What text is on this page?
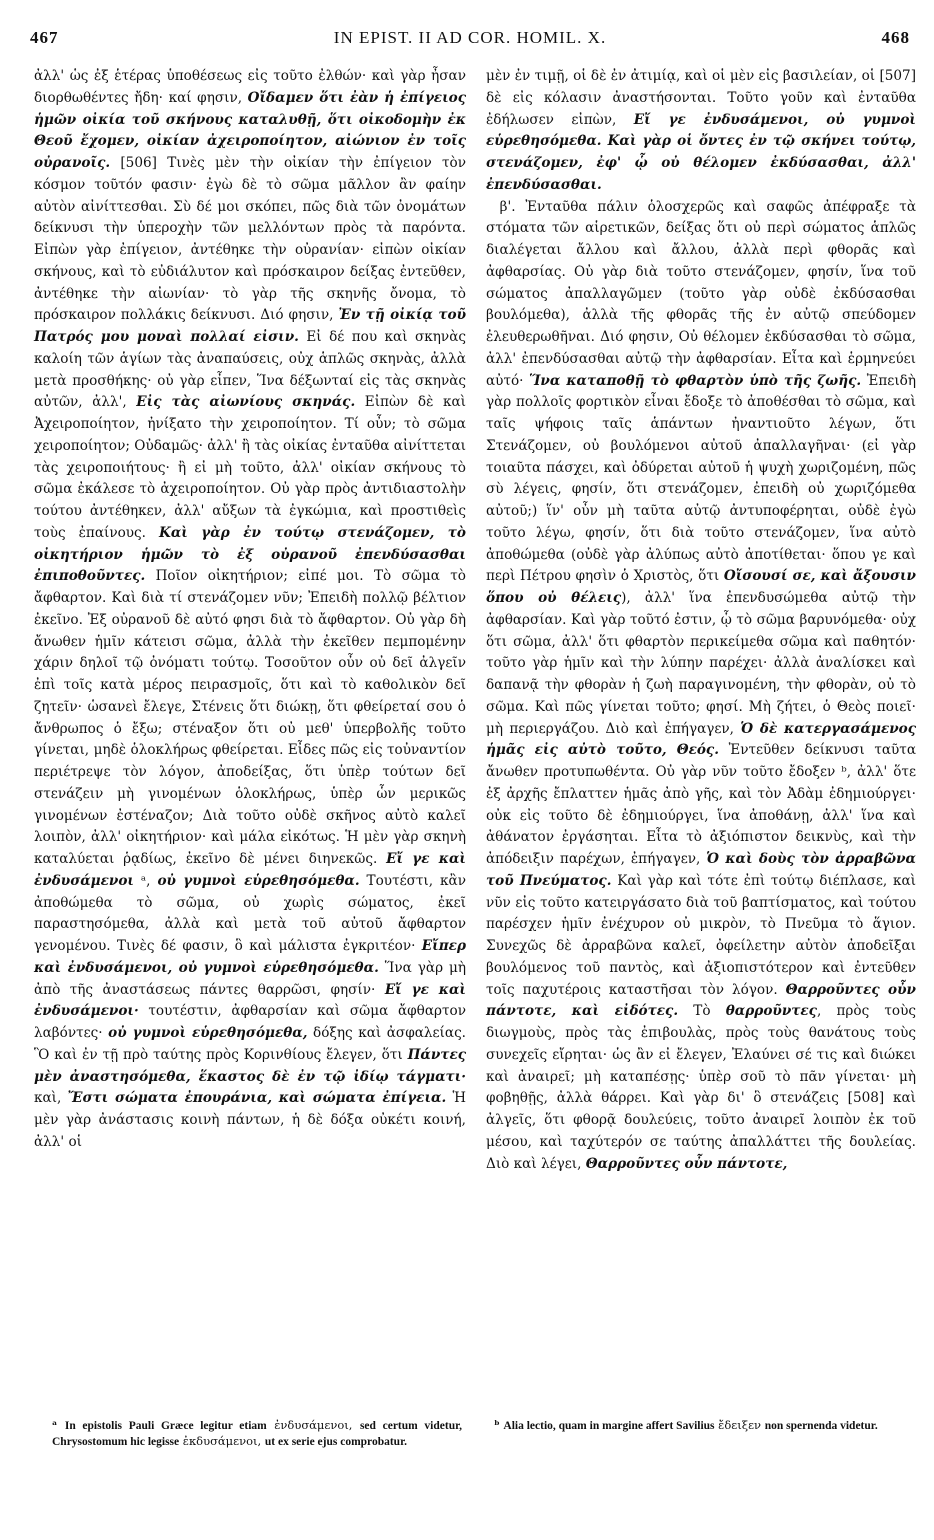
467	IN EPIST. II AD COR. HOMIL. X.	468

ἀλλ' ὡς ἐξ ἑτέρας ὑποθέσεως εἰς τοῦτο ἐλθών· καὶ γὰρ ἦσαν διορθωθέντες ἤδη· καί φησιν, Οἴδαμεν ὅτι ἐὰν ἡ ἐπίγειος ἡμῶν οἰκία τοῦ σκήνους καταλυθῇ, ὅτι οἰκοδομὴν ἐκ Θεοῦ ἔχομεν, οἰκίαν ἀχειροποίητον, αἰώνιον ἐν τοῖς οὐρανοῖς. [506] Τινὲς μὲν τὴν οἰκίαν τὴν ἐπίγειον τὸν κόσμον τοῦτόν φασιν· ἐγὼ δὲ τὸ σῶμα μᾶλλον ἂν φαίην αὐτὸν αἰνίττεσθαι. Σὺ δέ μοι σκόπει, πῶς διὰ τῶν ὀνομάτων δείκνυσι τὴν ὑπεροχὴν τῶν μελλόντων πρὸς τὰ παρόντα. Εἰπὼν γὰρ ἐπίγειον, ἀντέθηκε τὴν οὐρανίαν· εἰπὼν οἰκίαν σκήνους, καὶ τὸ εὐδιάλυτον καὶ πρόσκαιρον δείξας ἐντεῦθεν, ἀντέθηκε τὴν αἰωνίαν· τὸ γὰρ τῆς σκηνῆς ὄνομα, τὸ πρόσκαιρον πολλάκις δείκνυσι. Διό φησιν, Ἐν τῇ οἰκίᾳ τοῦ Πατρός μου μοναὶ πολλαί εἰσιν. Εἰ δέ που καὶ σκηνὰς καλοίη τῶν ἁγίων τὰς ἀναπαύσεις, οὐχ ἁπλῶς σκηνὰς, ἀλλὰ μετὰ προσθήκης· οὐ γὰρ εἶπεν, Ἵνα δέξωνταί εἰς τὰς σκηνὰς αὐτῶν, ἀλλ', Εἰς τὰς αἰωνίους σκηνάς. Εἰπὼν δὲ καὶ Ἀχειροποίητον, ἠνίξατο τὴν χειροποίητον. Τί οὖν; τὸ σῶμα χειροποίητον; Οὐδαμῶς· ἀλλ' ἢ τὰς οἰκίας ἐνταῦθα αἰνίττεται τὰς χειροποιήτους· ἢ εἰ μὴ τοῦτο, ἀλλ' οἰκίαν σκήνους τὸ σῶμα ἐκάλεσε τὸ ἀχειροποίητον. Οὐ γὰρ πρὸς ἀντιδιαστολὴν τούτου ἀντέθηκεν, ἀλλ' αὔξων τὰ ἐγκώμια, καὶ προστιθεὶς τοὺς ἐπαίνους. Καὶ γὰρ ἐν τούτῳ στενάζομεν, τὸ οἰκητήριον ἡμῶν τὸ ἐξ οὐρανοῦ ἐπενδύσασθαι ἐπιποθοῦντες. Ποῖον οἰκητήριον; εἰπέ μοι. Τὸ σῶμα τὸ ἄφθαρτον. Καὶ διὰ τί στενάζομεν νῦν; Ἐπειδὴ πολλῷ βέλτιον ἐκεῖνο. Ἐξ οὐρανοῦ δὲ αὐτό φησι διὰ τὸ ἄφθαρτον. Οὐ γὰρ δὴ ἄνωθεν ἡμῖν κάτεισι σῶμα, ἀλλὰ τὴν ἐκεῖθεν πεμπομένην χάριν δηλοῖ τῷ ὀνόματι τούτῳ. Τοσοῦτον οὖν οὐ δεῖ ἀλγεῖν ἐπὶ τοῖς κατὰ μέρος πειρασμοῖς, ὅτι καὶ τὸ καθολικὸν δεῖ ζητεῖν· ὡσανεὶ ἔλεγε, Στένεις ὅτι διώκῃ, ὅτι φθείρεταί σου ὁ ἄνθρωπος ὁ ἔξω; στέναξον ὅτι οὐ μεθ' ὑπερβολῆς τοῦτο γίνεται, μηδὲ ὁλοκλήρως φθείρεται. Εἶδες πῶς εἰς τοὐναντίον περιέτρεψε τὸν λόγον, ἀποδείξας, ὅτι ὑπὲρ τούτων δεῖ στενάζειν μὴ γινομένων ὁλοκλήρως, ὑπὲρ ὧν μερικῶς γινομένων ἐστέναζον; Διὰ τοῦτο οὐδὲ σκῆνος αὐτὸ καλεῖ λοιπὸν, ἀλλ' οἰκητήριον· καὶ μάλα εἰκότως. Ἡ μὲν γὰρ σκηνὴ καταλύεται ῥᾳδίως, ἐκεῖνο δὲ μένει διηνεκῶς. Εἴ γε καὶ ἐνδυσάμενοι ᵃ, οὐ γυμνοὶ εὑρεθησόμεθα. Τουτέστι, κἂν ἀποθώμεθα τὸ σῶμα, οὐ χωρὶς σώματος, ἐκεῖ παραστησόμεθα, ἀλλὰ καὶ μετὰ τοῦ αὐτοῦ ἄφθαρτον γενομένου. Τινὲς δέ φασιν, ὃ καὶ μάλιστα ἐγκριτέον· Εἴπερ καὶ ἐνδυσάμενοι, οὐ γυμνοὶ εὑρεθησόμεθα. Ἵνα γὰρ μὴ ἀπὸ τῆς ἀναστάσεως πάντες θαρρῶσι, φησίν· Εἴ γε καὶ ἐνδυσάμενοι· τουτέστιν, ἀφθαρσίαν καὶ σῶμα ἄφθαρτον λαβόντες· οὐ γυμνοὶ εὑρεθησόμεθα, δόξης καὶ ἀσφαλείας. Ὃ καὶ ἐν τῇ πρὸ ταύτης πρὸς Κορινθίους ἔλεγεν, ὅτι Πάντες μὲν ἀναστησόμεθα, ἕκαστος δὲ ἐν τῷ ἰδίῳ τάγματι· καὶ, Ἔστι σώματα ἐπουράνια, καὶ σώματα ἐπίγεια. Ἡ μὲν γὰρ ἀνάστασις κοινὴ πάντων, ἡ δὲ δόξα οὐκέτι κοινή, ἀλλ' οἱ

μὲν ἐν τιμῇ, οἱ δὲ ἐν ἀτιμίᾳ, καὶ οἱ μὲν εἰς βασιλείαν, οἱ [507] δὲ εἰς κόλασιν ἀναστήσονται. Τοῦτο γοῦν καὶ ἐνταῦθα ἐδήλωσεν εἰπὼν, Εἴ γε ἐνδυσάμενοι, οὐ γυμνοὶ εὑρεθησόμεθα. Καὶ γὰρ οἱ ὄντες ἐν τῷ σκήνει τούτῳ, στενάζομεν, ἐφ' ᾧ οὐ θέλομεν ἐκδύσασθαι, ἀλλ' ἐπενδύσασθαι.

 β'. Ἐνταῦθα πάλιν ὁλοσχερῶς καὶ σαφῶς ἀπέφραξε τὰ στόματα τῶν αἱρετικῶν, δείξας ὅτι οὐ περὶ σώματος ἁπλῶς διαλέγεται ἄλλου καὶ ἄλλου, ἀλλὰ περὶ φθορᾶς καὶ ἀφθαρσίας. Οὐ γὰρ διὰ τοῦτο στενάζομεν, φησίν, ἵνα τοῦ σώματος ἀπαλλαγῶμεν (τοῦτο γὰρ οὐδὲ ἐκδύσασθαι βουλόμεθα), ἀλλὰ τῆς φθορᾶς τῆς ἐν αὐτῷ σπεύδομεν ἐλευθερωθῆναι. Διό φησιν, Οὐ θέλομεν ἐκδύσασθαι τὸ σῶμα, ἀλλ' ἐπενδύσασθαι αὐτῷ τὴν ἀφθαρσίαν. Εἶτα καὶ ἑρμηνεύει αὐτό· Ἵνα καταποθῇ τὸ φθαρτὸν ὑπὸ τῆς ζωῆς. Ἐπειδὴ γὰρ πολλοῖς φορτικὸν εἶναι ἔδοξε τὸ ἀποθέσθαι τὸ σῶμα, καὶ ταῖς ψήφοις ταῖς ἁπάντων ἠναντιοῦτο λέγων, ὅτι Στενάζομεν, οὐ βουλόμενοι αὐτοῦ ἀπαλλαγῆναι· (εἰ γὰρ τοιαῦτα πάσχει, καὶ ὀδύρεται αὐτοῦ ἡ ψυχὴ χωριζομένη, πῶς σὺ λέγεις, φησίν, ὅτι στενάζομεν, ἐπειδὴ οὐ χωριζόμεθα αὐτοῦ;) ἵν' οὖν μὴ ταῦτα αὐτῷ ἀντυποφέρηται, οὐδὲ ἐγὼ τοῦτο λέγω, φησίν, ὅτι διὰ τοῦτο στενάζομεν, ἵνα αὐτὸ ἀποθώμεθα (οὐδὲ γὰρ ἀλύπως αὐτὸ ἀποτίθεται· ὅπου γε καὶ περὶ Πέτρου φησὶν ὁ Χριστὸς, ὅτι Οἴσουσί σε, καὶ ἄξουσιν ὅπου οὐ θέλεις), ἀλλ' ἵνα ἐπενδυσώμεθα αὐτῷ τὴν ἀφθαρσίαν. Καὶ γὰρ τοῦτό ἐστιν, ᾧ τὸ σῶμα βαρυνόμεθα· οὐχ ὅτι σῶμα, ἀλλ' ὅτι φθαρτὸν περικείμεθα σῶμα καὶ παθητόν· τοῦτο γὰρ ἡμῖν καὶ τὴν λύπην παρέχει· ἀλλὰ ἀναλίσκει καὶ δαπανᾷ τὴν φθορὰν ἡ ζωὴ παραγινομένη, τὴν φθορὰν, οὐ τὸ σῶμα. Καὶ πῶς γίνεται τοῦτο; φησί. Μὴ ζήτει, ὁ Θεὸς ποιεῖ· μὴ περιεργάζου. Διὸ καὶ ἐπήγαγεν, Ὁ δὲ κατεργασάμενος ἡμᾶς εἰς αὐτὸ τοῦτο, Θεός. Ἐντεῦθεν δείκνυσι ταῦτα ἄνωθεν προτυπωθέντα. Οὐ γὰρ νῦν τοῦτο ἔδοξεν ᵇ, ἀλλ' ὅτε ἐξ ἀρχῆς ἔπλαττεν ἡμᾶς ἀπὸ γῆς, καὶ τὸν Ἀδὰμ ἐδημιούργει· οὐκ εἰς τοῦτο δὲ ἐδημιούργει, ἵνα ἀποθάνῃ, ἀλλ' ἵνα καὶ ἀθάνατον ἐργάσηται. Εἶτα τὸ ἀξιόπιστον δεικνὺς, καὶ τὴν ἀπόδειξιν παρέχων, ἐπήγαγεν, Ὁ καὶ δοὺς τὸν ἀρραβῶνα τοῦ Πνεύματος. Καὶ γὰρ καὶ τότε ἐπὶ τούτῳ διέπλασε, καὶ νῦν εἰς τοῦτο κατειργάσατο διὰ τοῦ βαπτίσματος, καὶ τούτου παρέσχεν ἡμῖν ἐνέχυρον οὐ μικρὸν, τὸ Πνεῦμα τὸ ἅγιον. Συνεχῶς δὲ ἀρραβῶνα καλεῖ, ὀφείλετην αὐτὸν ἀποδεῖξαι βουλόμενος τοῦ παντὸς, καὶ ἀξιοπιστότερον καὶ ἐντεῦθεν τοῖς παχυτέροις καταστῆσαι τὸν λόγον. Θαρροῦντες οὖν πάντοτε, καὶ εἰδότες. Τὸ θαρροῦντες, πρὸς τοὺς διωγμοὺς, πρὸς τὰς ἐπιβουλὰς, πρὸς τοὺς θανάτους τοὺς συνεχεῖς εἴρηται· ὡς ἂν εἰ ἔλεγεν, Ἐλαύνει σέ τις καὶ διώκει καὶ ἀναιρεῖ; μὴ καταπέσῃς· ὑπὲρ σοῦ τὸ πᾶν γίνεται· μὴ φοβηθῇς, ἀλλὰ θάρρει. Καὶ γὰρ δι' ὃ στενάζεις [508] καὶ ἀλγεῖς, ὅτι φθορᾷ δουλεύεις, τοῦτο ἀναιρεῖ λοιπὸν ἐκ τοῦ μέσου, καὶ ταχύτερόν σε ταύτης ἀπαλλάττει τῆς δουλείας. Διὸ καὶ λέγει, Θαρροῦντες οὖν πάντοτε,

ᵃ In epistolis Pauli Græce legitur etiam ἐνδυσάμενοι, sed certum videtur, Chrysostomum hic legisse ἐκδυσάμενοι, ut ex serie ejus comprobatur.
ᵇ Alia lectio, quam in margine affert Savilius ἔδειξεν non spernenda videtur.
